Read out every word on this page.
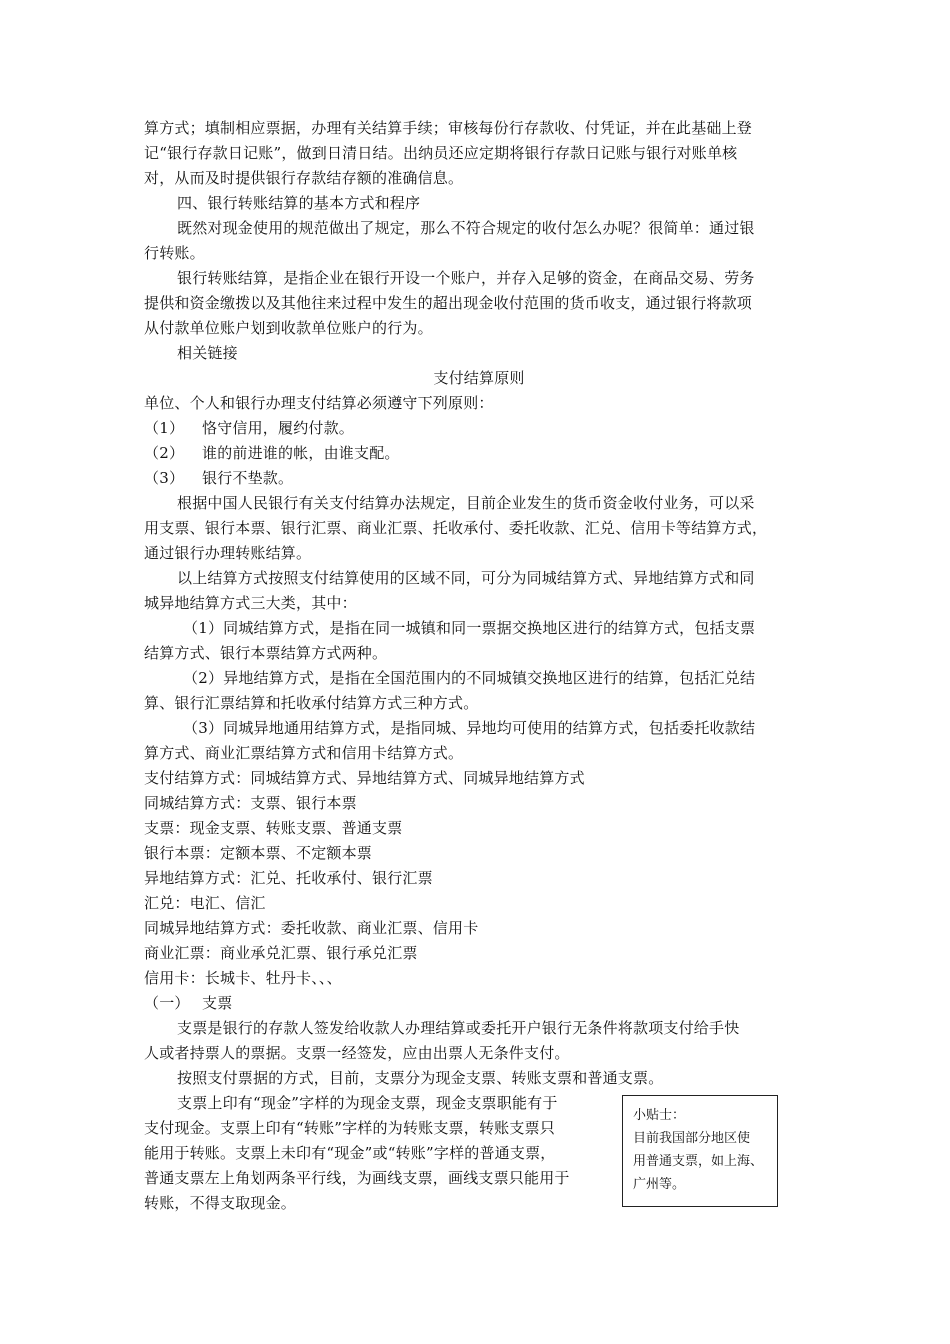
算方式；填制相应票据，办理有关结算手续；审核每份行存款收、付凭证，并在此基础上登
记“银行存款日记账”，做到日清日结。出纳员还应定期将银行存款日记账与银行对账单核
对，从而及时提供银行存款结存额的准确信息。
四、银行转账结算的基本方式和程序
既然对现金使用的规范做出了规定，那么不符合规定的收付怎么办呢？很简单：通过银
行转账。
银行转账结算，是指企业在银行开设一个账户，并存入足够的资金，在商品交易、劳务
提供和资金缴拨以及其他往来过程中发生的超出现金收付范围的货币收支，通过银行将款项
从付款单位账户划到收款单位账户的行为。
相关链接
支付结算原则
单位、个人和银行办理支付结算必须遵守下列原则：
（1） 恪守信用，履约付款。
（2） 谁的前进谁的帐，由谁支配。
（3） 银行不垫款。
根据中国人民银行有关支付结算办法规定，目前企业发生的货币资金收付业务，可以采
用支票、银行本票、银行汇票、商业汇票、托收承付、委托收款、汇兑、信用卡等结算方式，
通过银行办理转账结算。
以上结算方式按照支付结算使用的区域不同，可分为同城结算方式、异地结算方式和同
城异地结算方式三大类，其中：
（1）同城结算方式，是指在同一城镇和同一票据交换地区进行的结算方式，包括支票
结算方式、银行本票结算方式两种。
（2）异地结算方式，是指在全国范围内的不同城镇交换地区进行的结算，包括汇兑结
算、银行汇票结算和托收承付结算方式三种方式。
（3）同城异地通用结算方式，是指同城、异地均可使用的结算方式，包括委托收款结
算方式、商业汇票结算方式和信用卡结算方式。
支付结算方式：同城结算方式、异地结算方式、同城异地结算方式
同城结算方式：支票、银行本票
支票：现金支票、转账支票、普通支票
银行本票：定额本票、不定额本票
异地结算方式：汇兑、托收承付、银行汇票
汇兑：电汇、信汇
同城异地结算方式：委托收款、商业汇票、信用卡
商业汇票：商业承兑汇票、银行承兑汇票
信用卡：长城卡、牡丹卡、、、
（一） 支票
支票是银行的存款人签发给收款人办理结算或委托开户银行无条件将款项支付给手快
人或者持票人的票据。支票一经签发，应由出票人无条件支付。
按照支付票据的方式，目前，支票分为现金支票、转账支票和普通支票。
支票上印有“现金”字样的为现金支票，现金支票职能有于
支付现金。支票上印有“转账”字样的为转账支票，转账支票只
能用于转账。支票上未印有“现金”或“转账”字样的普通支票，
普通支票左上角划两条平行线，为画线支票，画线支票只能用于
转账，不得支取现金。
小贴士：
目前我国部分地区使
用普通支票，如上海、
广州等。
